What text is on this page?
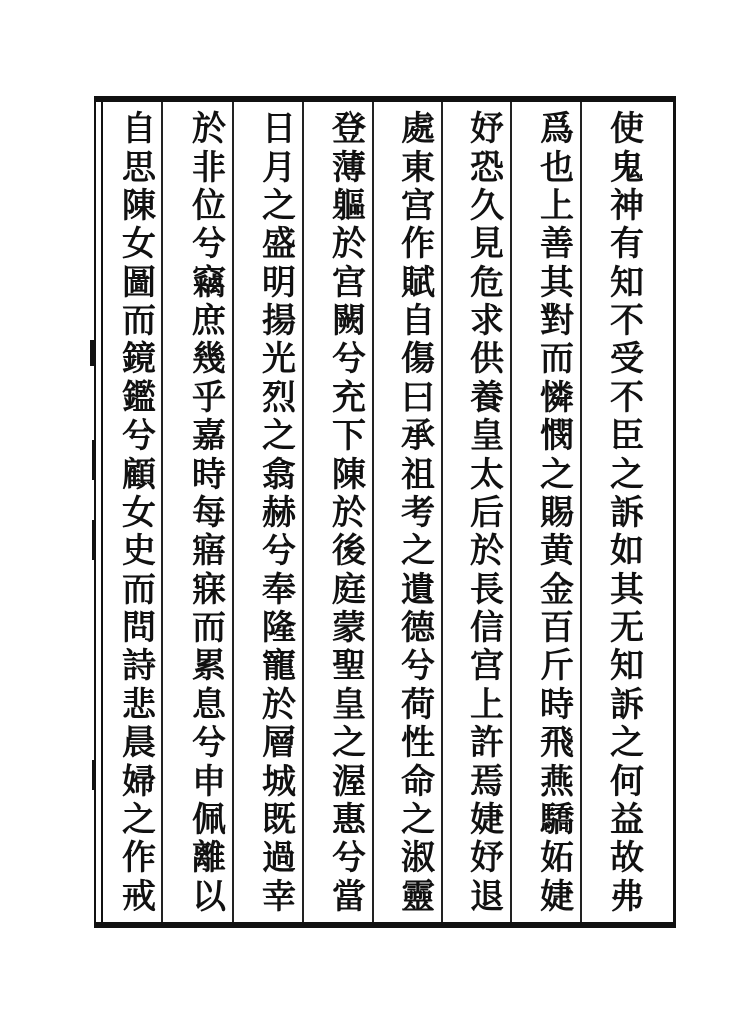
使
鬼
神
有
知
不
受
不
臣
之
訴
如
其
无
知
訴
之
何
益
故
弗
爲
也
上
善
其
對
而
憐
憫
之
賜
黄
金
百
斤
時
飛
燕
驕
妬
婕
妤
恐
久
見
危
求
供
養
皇
太
后
於
長
信
宫
上
許
焉
婕
妤
退
處
東
宫
作
賦
自
傷
曰
承
祖
考
之
遺
德
兮
荷
性
命
之
淑
靈
登
薄
軀
於
宫
闕
兮
充
下
陳
於
後
庭
蒙
聖
皇
之
渥
惠
兮
當
日
月
之
盛
明
揚
光
烈
之
翕
赫
兮
奉
隆
寵
於
層
城
既
過
幸
於
非
位
兮
竊
庶
幾
乎
嘉
時
每
寤
寐
而
累
息
兮
申
佩
離
以
自
思
陳
女
圖
而
鏡
鑑
兮
顧
女
史
而
問
詩
悲
晨
婦
之
作
戒
